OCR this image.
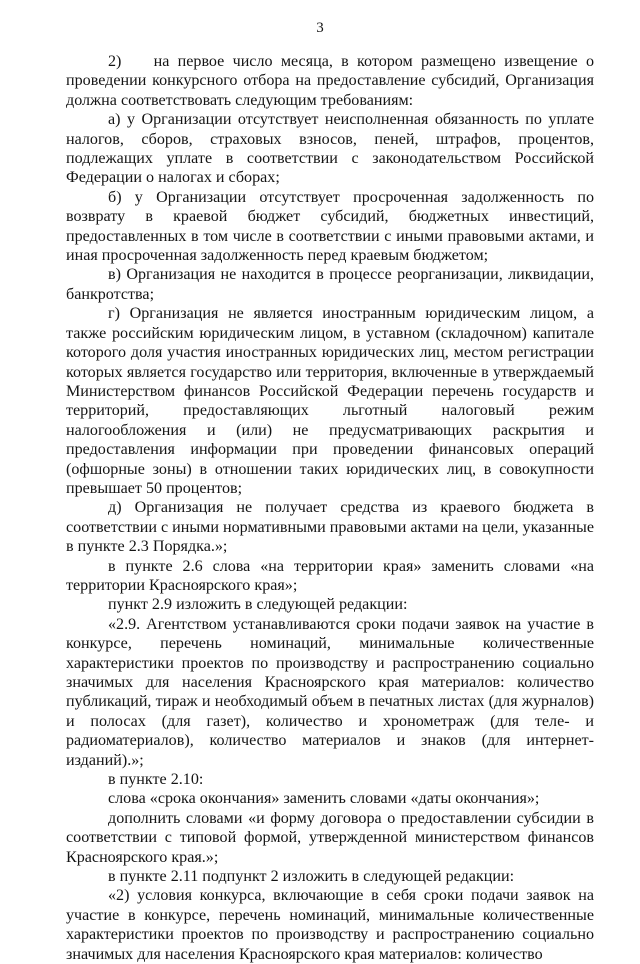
3

2)  на первое число месяца, в котором размещено извещение о проведении конкурсного отбора на предоставление субсидий, Организация должна соответствовать следующим требованиям:

а) у Организации отсутствует неисполненная обязанность по уплате налогов, сборов, страховых взносов, пеней, штрафов, процентов, подлежащих уплате в соответствии с законодательством Российской Федерации о налогах и сборах;

б) у Организации отсутствует просроченная задолженность по возврату в краевой бюджет субсидий, бюджетных инвестиций, предоставленных в том числе в соответствии с иными правовыми актами, и иная просроченная задолженность перед краевым бюджетом;

в) Организация не находится в процессе реорганизации, ликвидации, банкротства;

г) Организация не является иностранным юридическим лицом, а также российским юридическим лицом, в уставном (складочном) капитале которого доля участия иностранных юридических лиц, местом регистрации которых является государство или территория, включенные в утверждаемый Министерством финансов Российской Федерации перечень государств и территорий, предоставляющих льготный налоговый режим налогообложения и (или) не предусматривающих раскрытия и предоставления информации при проведении финансовых операций (офшорные зоны) в отношении таких юридических лиц, в совокупности превышает 50 процентов;

д) Организация не получает средства из краевого бюджета в соответствии с иными нормативными правовыми актами на цели, указанные в пункте 2.3 Порядка.»;

в пункте 2.6 слова «на территории края» заменить словами «на территории Красноярского края»;

пункт 2.9 изложить в следующей редакции:

«2.9. Агентством устанавливаются сроки подачи заявок на участие в конкурсе, перечень номинаций, минимальные количественные характеристики проектов по производству и распространению социально значимых для населения Красноярского края материалов: количество публикаций, тираж и необходимый объем в печатных листах (для журналов) и полосах (для газет), количество и хронометраж (для теле- и радиоматериалов), количество материалов и знаков (для интернет-изданий).»;

в пункте 2.10:

слова «срока окончания» заменить словами «даты окончания»;

дополнить словами «и форму договора о предоставлении субсидии в соответствии с типовой формой, утвержденной министерством финансов Красноярского края.»;

в пункте 2.11 подпункт 2 изложить в следующей редакции:

«2) условия конкурса, включающие в себя сроки подачи заявок на участие в конкурсе, перечень номинаций, минимальные количественные характеристики проектов по производству и распространению социально значимых для населения Красноярского края материалов: количество
